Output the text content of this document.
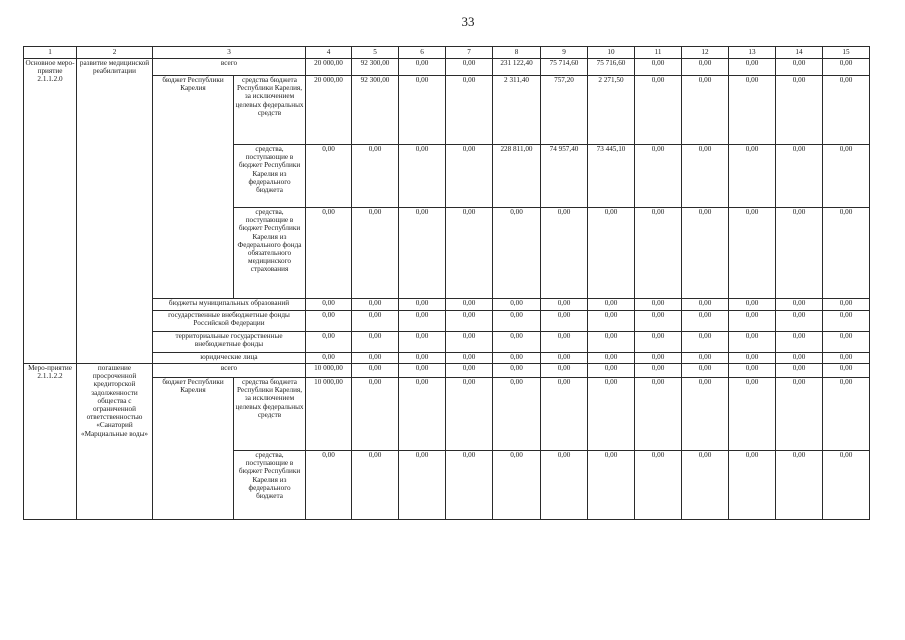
33
1	2	3		4	5	6	7	8	9	10	11	12	13	14	15
Основное меро-приятие 2.1.1.2.0	развитие медицинской реабилитации	всего		20 000,00	92 300,00	0,00	0,00	231 122,40	75 714,60	75 716,60	0,00	0,00	0,00	0,00	0,00
		бюджет Республики Карелия	средства бюджета Республики Карелия, за исключением целевых федеральных средств	20 000,00	92 300,00	0,00	0,00	2 311,40	757,20	2 271,50	0,00	0,00	0,00	0,00	0,00
			средства, поступающие в бюджет Республики Карелия из федерального бюджета	0,00	0,00	0,00	0,00	228 811,00	74 957,40	73 445,10	0,00	0,00	0,00	0,00	0,00
			средства, поступающие в бюджет Республики Карелия из Федерального фонда обязательного медицинского страхования	0,00	0,00	0,00	0,00	0,00	0,00	0,00	0,00	0,00	0,00	0,00	0,00
		бюджеты муниципальных образований		0,00	0,00	0,00	0,00	0,00	0,00	0,00	0,00	0,00	0,00	0,00	0,00
		государственные внебюджетные фонды Российской Федерации		0,00	0,00	0,00	0,00	0,00	0,00	0,00	0,00	0,00	0,00	0,00	0,00
		территориальные государственные внебюджетные фонды		0,00	0,00	0,00	0,00	0,00	0,00	0,00	0,00	0,00	0,00	0,00	0,00
		юридические лица		0,00	0,00	0,00	0,00	0,00	0,00	0,00	0,00	0,00	0,00	0,00	0,00
Меро-приятие 2.1.1.2.2	погашение просроченной кредиторской задолженности общества с ограниченной ответственностью «Санаторий «Марциальные воды»	всего		10 000,00	0,00	0,00	0,00	0,00	0,00	0,00	0,00	0,00	0,00	0,00	0,00
		бюджет Республики Карелия	средства бюджета Республики Карелия, за исключением целевых федеральных средств	10 000,00	0,00	0,00	0,00	0,00	0,00	0,00	0,00	0,00	0,00	0,00	0,00
			средства, поступающие в бюджет Республики Карелия из федерального бюджета	0,00	0,00	0,00	0,00	0,00	0,00	0,00	0,00	0,00	0,00	0,00	0,00
